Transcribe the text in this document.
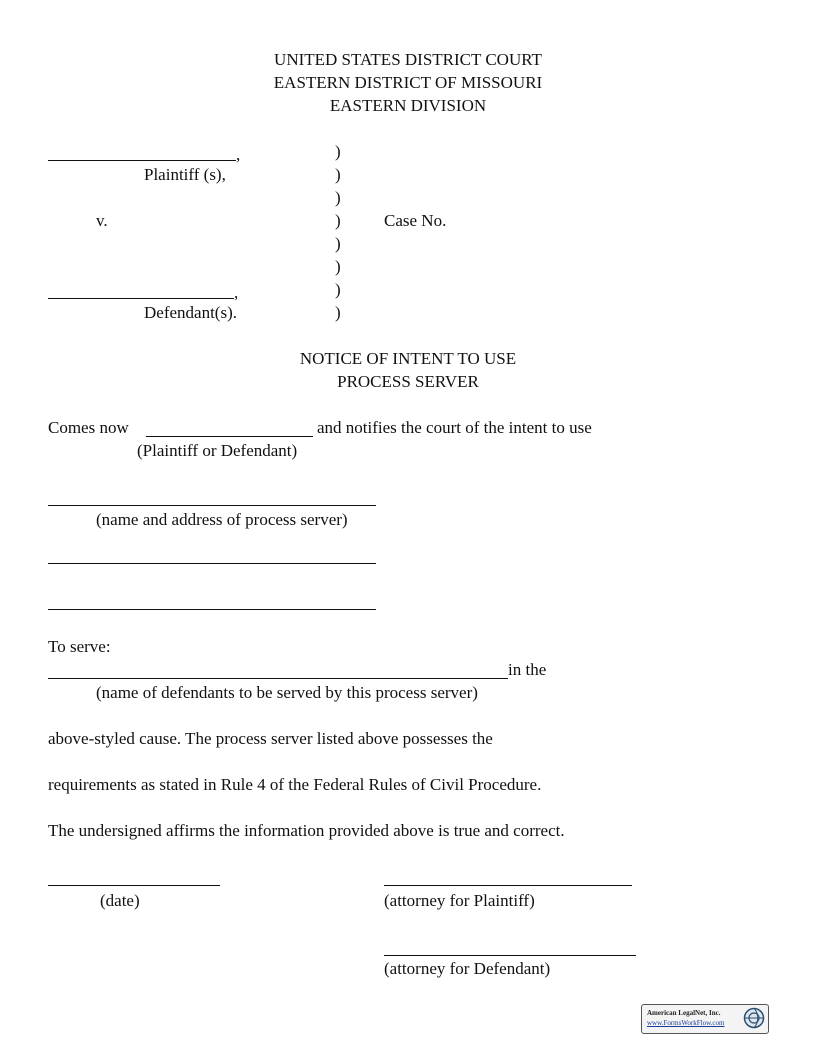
UNITED STATES DISTRICT COURT
EASTERN DISTRICT OF MISSOURI
EASTERN DIVISION
,
Plaintiff (s),
v.	Case No.
,
Defendant(s).
)
)
)
)
)
)
)
)
NOTICE OF INTENT TO USE
PROCESS SERVER
Comes now	and notifies the court of the intent to use
(Plaintiff or Defendant)
(name and address of process server)
To serve:
in the
(name of defendants to be served by this process server)
above-styled cause. The process server listed above possesses the
requirements as stated in Rule 4 of the Federal Rules of Civil Procedure.
The undersigned affirms the information provided above is true and correct.
(date)	(attorney for Plaintiff)
(attorney for Defendant)
American LegalNet, Inc.
www.FormsWorkFlow.com
